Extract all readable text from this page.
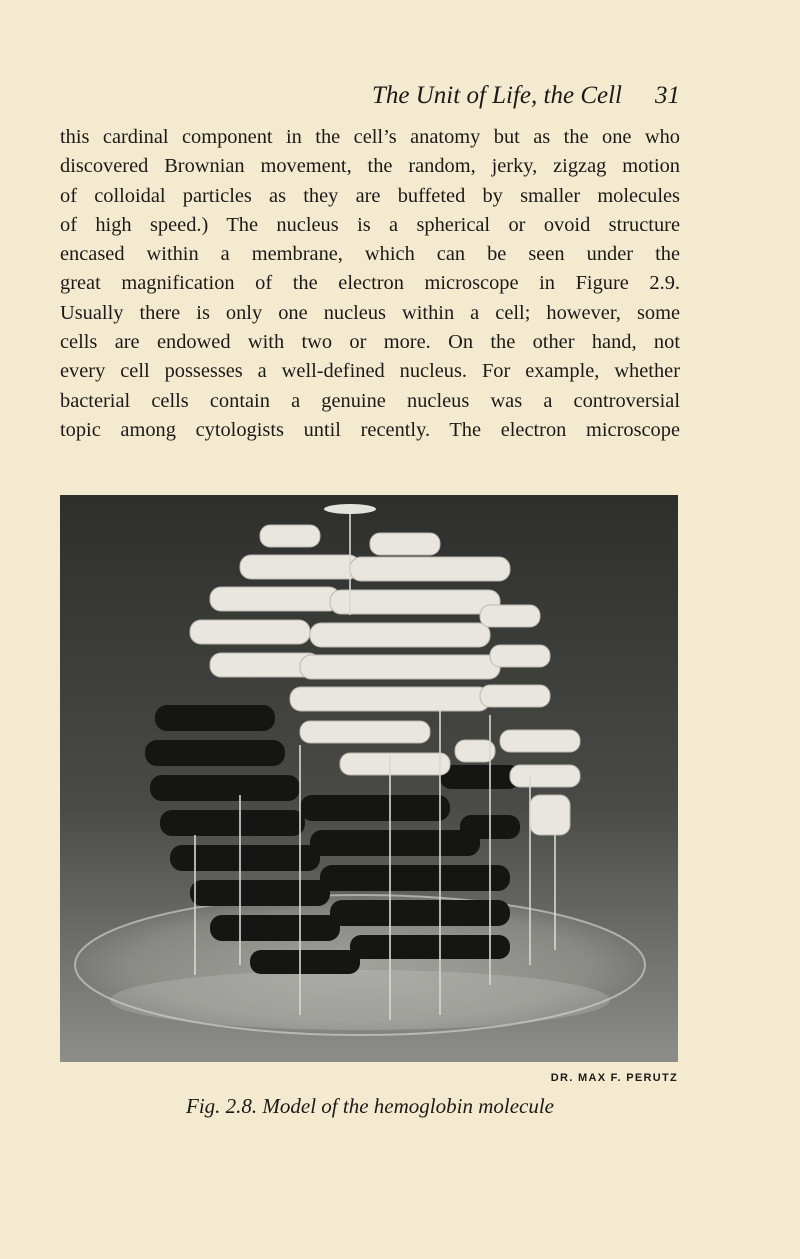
The Unit of Life, the Cell 31
this cardinal component in the cell’s anatomy but as the one who
discovered Brownian movement, the random, jerky, zigzag motion
of colloidal particles as they are buffeted by smaller molecules
of high speed.) The nucleus is a spherical or ovoid structure
encased within a membrane, which can be seen under the
great magnification of the electron microscope in Figure 2.9.
Usually there is only one nucleus within a cell; however, some
cells are endowed with two or more. On the other hand, not
every cell possesses a well-defined nucleus. For example, whether
bacterial cells contain a genuine nucleus was a controversial
topic among cytologists until recently. The electron microscope
DR. MAX F. PERUTZ
Fig. 2.8. Model of the hemoglobin molecule
